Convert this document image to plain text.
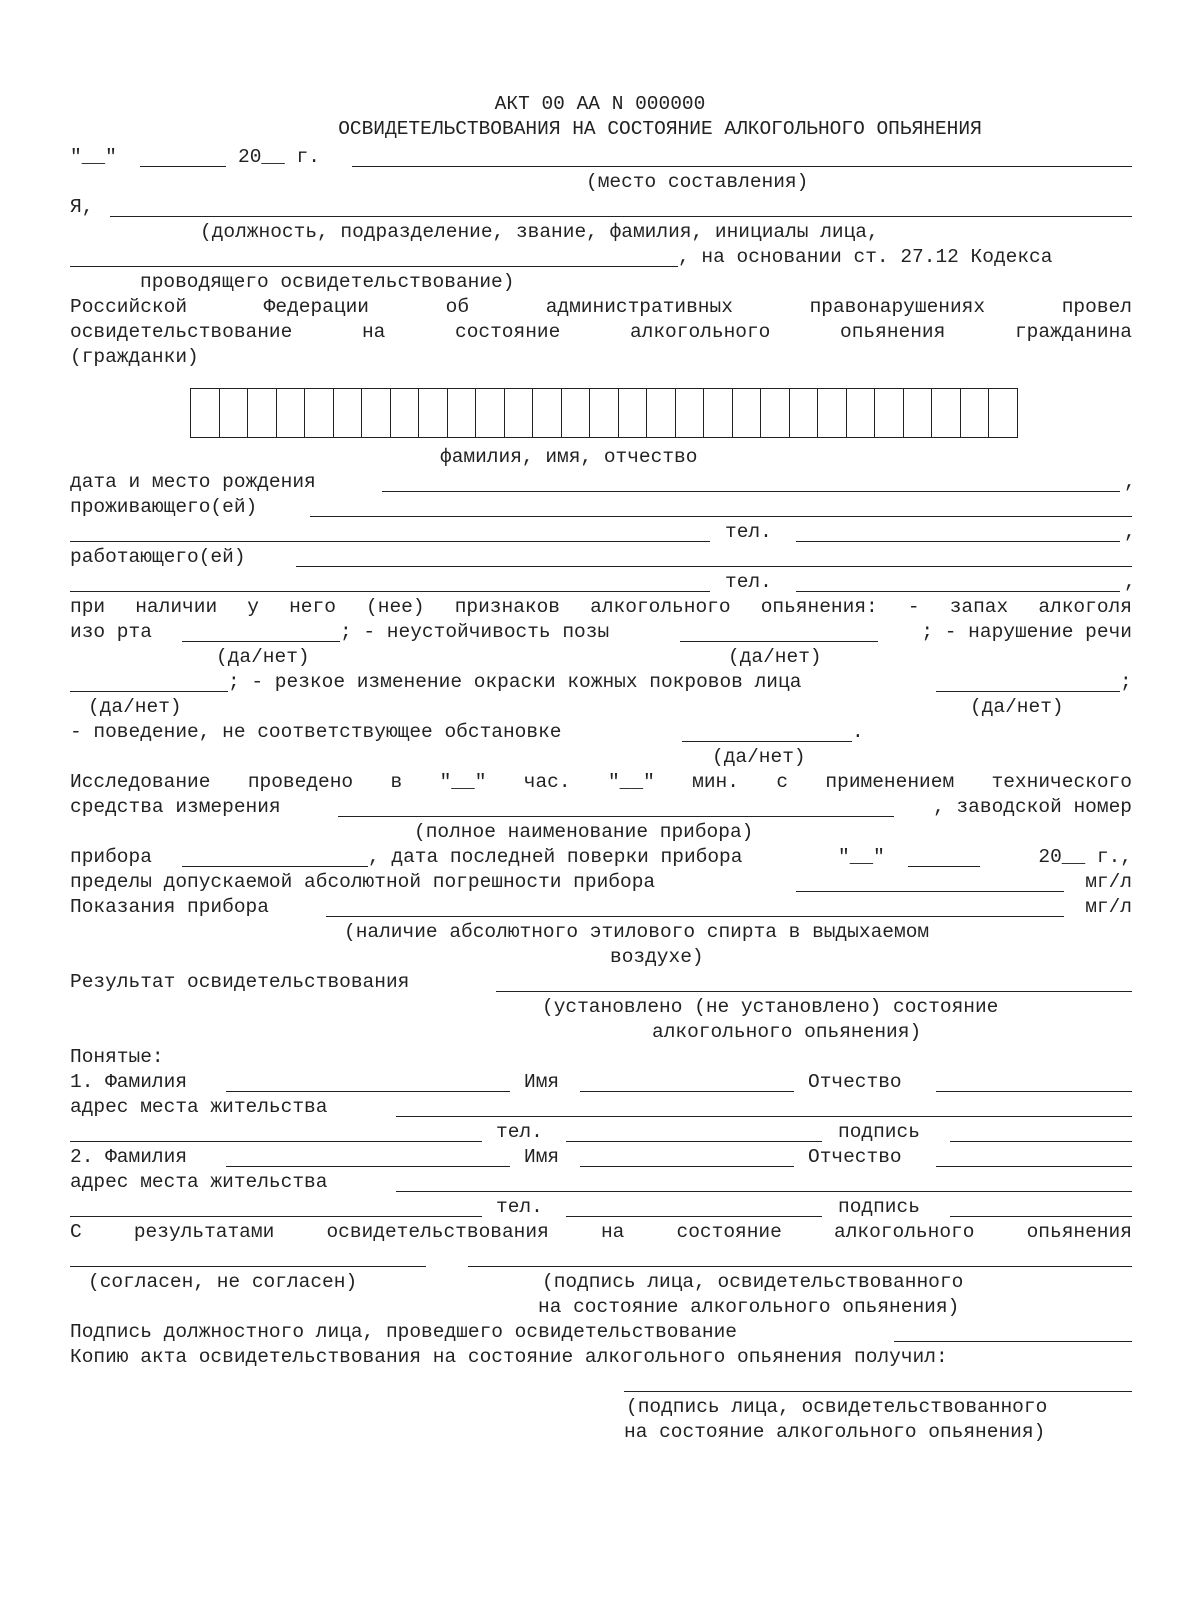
АКТ 00 АА N 000000
ОСВИДЕТЕЛЬСТВОВАНИЯ НА СОСТОЯНИЕ АЛКОГОЛЬНОГО ОПЬЯНЕНИЯ
"__"	20__ г.
(место составления)
Я,
(должность, подразделение, звание, фамилия, инициалы лица,
, на основании ст. 27.12 Кодекса
проводящего освидетельствование)
Российской	Федерации	об	административных	правонарушениях	провел
освидетельствование	на	состояние	алкогольного	опьянения	гражданина
(гражданки)
фамилия, имя, отчество
дата и место рождения	,
проживающего(ей)
тел.	,
работающего(ей)
тел.	,
при наличии у него (нее) признаков алкогольного опьянения: - запах алкоголя
изо рта	; - неустойчивость позы	; - нарушение речи
(да/нет)	(да/нет)
; - резкое изменение окраски кожных покровов лица	;
(да/нет)	(да/нет)
- поведение, не соответствующее обстановке	.
(да/нет)
Исследование проведено в "__" час. "__" мин. с применением технического
средства измерения	, заводской номер
(полное наименование прибора)
прибора	, дата последней поверки прибора	"__"	20__ г.,
пределы допускаемой абсолютной погрешности прибора	мг/л
Показания прибора	мг/л
(наличие абсолютного этилового спирта в выдыхаемом
воздухе)
Результат освидетельствования
(установлено (не установлено) состояние
алкогольного опьянения)
Понятые:
1. Фамилия	Имя	Отчество
адрес места жительства
тел.	подпись
2. Фамилия	Имя	Отчество
адрес места жительства
тел.	подпись
С	результатами	освидетельствования	на	состояние	алкогольного	опьянения
(согласен, не согласен)	(подпись лица, освидетельствованного
на состояние алкогольного опьянения)
Подпись должностного лица, проведшего освидетельствование
Копию акта освидетельствования на состояние алкогольного опьянения получил:
(подпись лица, освидетельствованного
на состояние алкогольного опьянения)
